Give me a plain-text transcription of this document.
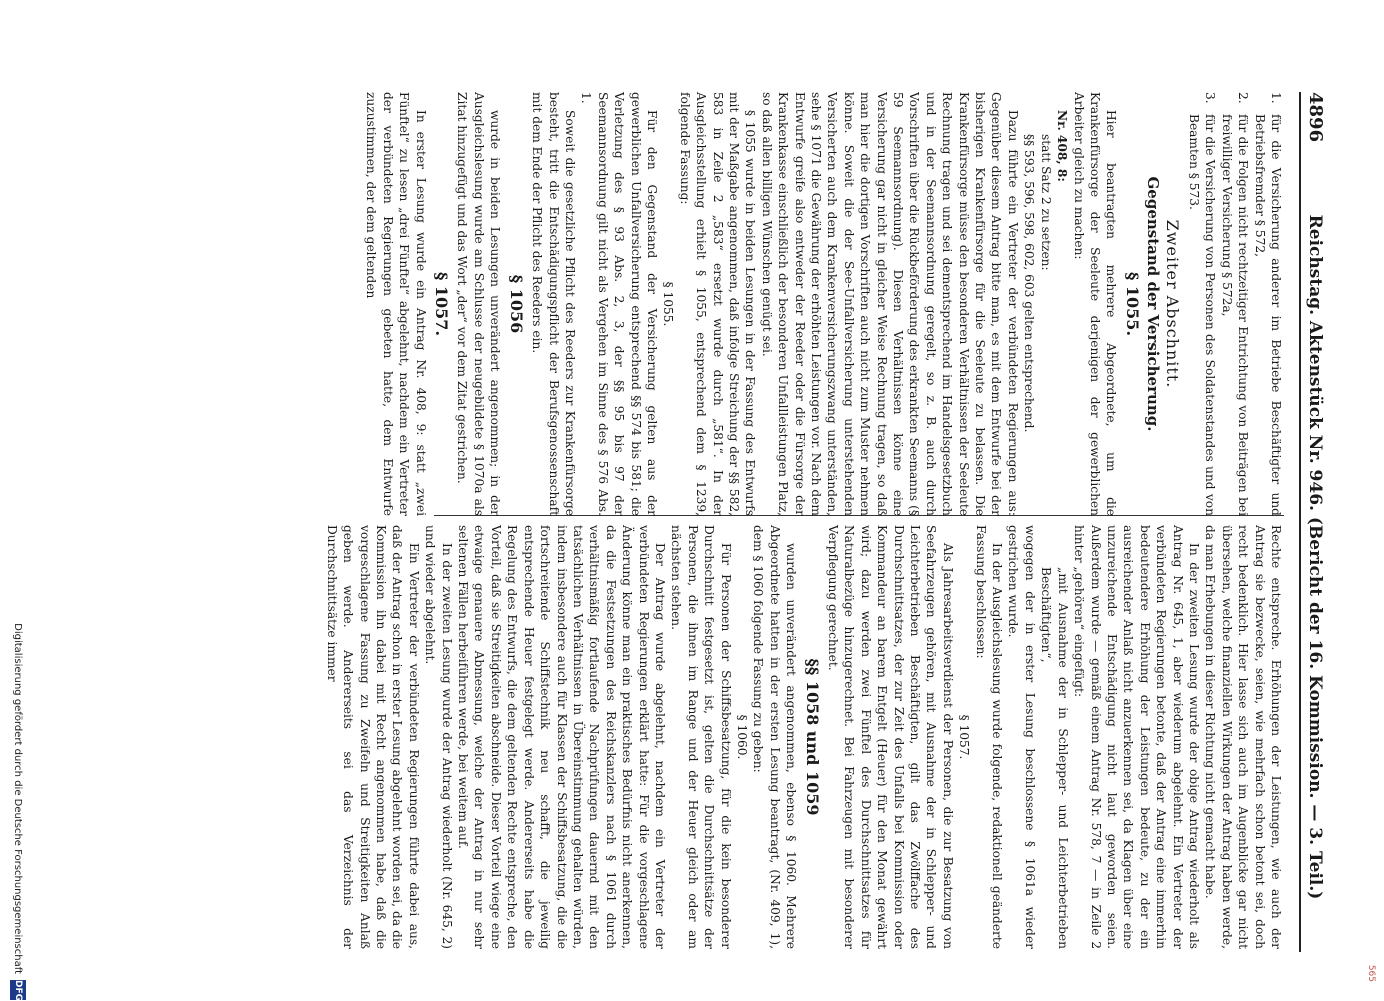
4896
Reichstag. Aktenstück Nr. 946. (Bericht der 16. Kommission. — 3. Teil.)

1.
für die Versicherung anderer im Betriebe Beschäftigter und Betriebsfremder § 572,

2.
für die Folgen nicht rechtzeitiger Entrichtung von Beiträgen bei freiwilliger Versicherung § 572a,

3.
für die Versicherung von Personen des Soldatenstandes und von Beamten § 573.

Zweiter Abschnitt.
Gegenstand der Versicherung.
§ 1055.

Hier beantragten mehrere Abgeordnete, um die Krankenfürsorge der Seeleute derjenigen der gewerblichen Arbeiter gleich zu machen:

Nr. 408, 8:

statt Satz 2 zu setzen:

§§ 593, 596, 598, 602, 603 gelten entsprechend.

Dazu führte ein Vertreter der verbündeten Regierungen aus: Gegenüber diesem Antrag bitte man, es mit dem Entwurfe bei der bisherigen Krankenfürsorge für die Seeleute zu belassen. Die Krankenfürsorge müsse den besonderen Verhältnissen der Seeleute Rechnung tragen und sei dementsprechend im Handelsgesetzbuch und in der Seemannsordnung geregelt, so z. B. auch durch Vorschriften über die Rückbeförderung des erkrankten Seemanns (§ 59 Seemannsordnung). Diesen Verhältnissen könne eine Versicherung gar nicht in gleicher Weise Rechnung tragen, so daß man hier die dortigen Vorschriften auch nicht zum Muster nehmen könne. Soweit die der See-Unfallversicherung unterstehenden Versicherten auch dem Krankenversicherungszwang unterständen, sehe § 1071 die Gewährung der erhöhten Leistungen vor. Nach dem Entwurfe greife also entweder der Reeder oder die Fürsorge der Krankenkasse einschließlich der besonderen Unfallleistungen Platz, so daß allen billigen Wünschen genügt sei.

§ 1055 wurde in beiden Lesungen in der Fassung des Entwurfs mit der Maßgabe angenommen, daß infolge Streichung der §§ 582, 583 in Zeile 2 „583“ ersetzt wurde durch „581“. In der Ausgleichsstellung erhielt § 1055, entsprechend dem § 1239, folgende Fassung:

§ 1055.

Für den Gegenstand der Versicherung gelten aus der gewerblichen Unfallversicherung entsprechend §§ 574 bis 581; die Verletzung des § 93 Abs. 2, 3, der §§ 95 bis 97 der Seemannsordnung gilt nicht als Vergehen im Sinne des § 576 Abs. 1.

Soweit die gesetzliche Pflicht des Reeders zur Krankenfürsorge besteht, tritt die Entschädigungspflicht der Berufsgenossenschaft mit dem Ende der Pflicht des Reeders ein.

§ 1056

wurde in beiden Lesungen unverändert angenommen; in der Ausgleichslesung wurde am Schlusse der neugebildete § 1070a als Zitat hinzugefügt und das Wort „der“ vor dem Zitat gestrichen.

§ 1057.

In erster Lesung wurde ein Antrag Nr. 408, 9: statt „zwei Fünftel“ zu lesen „drei Fünftel“ abgelehnt, nachdem ein Vertreter der verbündeten Regierungen gebeten hatte, dem Entwurfe zuzustimmen, der dem geltenden

Rechte entspreche. Erhöhungen der Leistungen, wie auch der Antrag sie bezwecke, seien, wie mehrfach schon betont sei, doch recht bedenklich. Hier lasse sich auch im Augenblicke gar nicht übersehen, welche finanziellen Wirkungen der Antrag haben werde, da man Erhebungen in dieser Richtung nicht gemacht habe.

In der zweiten Lesung wurde der obige Antrag wiederholt als Antrag Nr. 645, 1, aber wiederum abgelehnt. Ein Vertreter der verbündeten Regierungen betonte, daß der Antrag eine immerhin bedeutendere Erhöhung der Leistungen bedeute, zu der ein ausreichender Anlaß nicht anzuerkennen sei, da Klagen über eine unzureichende Entschädigung nicht laut geworden seien. Außerdem wurde — gemäß einem Antrag Nr. 578, 7 — in Zeile 2 hinter „gehören“ eingefügt:

„mit Ausnahme der in Schlepper- und Leichterbetrieben Beschäftigten“,

wogegen der in erster Lesung beschlossene § 1061a wieder gestrichen wurde.

In der Ausgleichslesung wurde folgende, redaktionell geänderte Fassung beschlossen:

§ 1057.

Als Jahresarbeitsverdienst der Personen, die zur Besatzung von Seefahrzeugen gehören, mit Ausnahme der in Schlepper- und Leichterbetrieben Beschäftigten, gilt das Zwölffache des Durchschnittsatzes, der zur Zeit des Unfalls bei Kommission oder Kommandeur an barem Entgelt (Heuer) für den Monat gewährt wird; dazu werden zwei Fünftel des Durchschnittsatzes für Naturalbezüge hinzugerechnet. Bei Fahrzeugen mit besonderer Verpflegung gerechnet.

§§ 1058 und 1059

wurden unverändert angenommen, ebenso § 1060. Mehrere Abgeordnete hatten in der ersten Lesung beantragt, (Nr. 409, 1), dem § 1060 folgende Fassung zu geben:

§ 1060.

Für Personen der Schiffsbesatzung, für die kein besonderer Durchschnitt festgesetzt ist, gelten die Durchschnittsätze der Personen, die ihnen im Range und der Heuer gleich oder am nächsten stehen.

Der Antrag wurde abgelehnt, nachdem ein Vertreter der verbündeten Regierungen erklärt hatte: Für die vorgeschlagene Änderung könne man ein praktisches Bedürfnis nicht anerkennen, da die Festsetzungen des Reichskanzlers nach § 1061 durch verhältnismäßig fortlaufende Nachprüfungen dauernd mit den tatsächlichen Verhältnissen in Übereinstimmung gehalten würden, indem insbesondere auch für Klassen der Schiffsbesatzung, die die fortschreitende Schiffstechnik neu schafft, die jeweilig entsprechende Heuer festgelegt werde. Andererseits habe die Regelung des Entwurfs, die dem geltenden Rechte entspreche, den Vorteil, daß sie Streitigkeiten abschneide. Dieser Vorteil wiege eine etwaige genauere Abmessung, welche der Antrag in nur sehr seltenen Fällen herbeiführen werde, bei weitem auf.

In der zweiten Lesung wurde der Antrag wiederholt (Nr. 645, 2) und wieder abgelehnt.

Ein Vertreter der verbündeten Regierungen führte dabei aus, daß der Antrag schon in erster Lesung abgelehnt worden sei, da die Kommission ihn dabei mit Recht angenommen habe, daß die vorgeschlagene Fassung zu Zweifeln und Streitigkeiten Anlaß geben werde. Andererseits sei das Verzeichnis der Durchschnittsätze immer

565
Digitalisierung gefördert durch die Deutsche Forschungsgemeinschaft
DFG
